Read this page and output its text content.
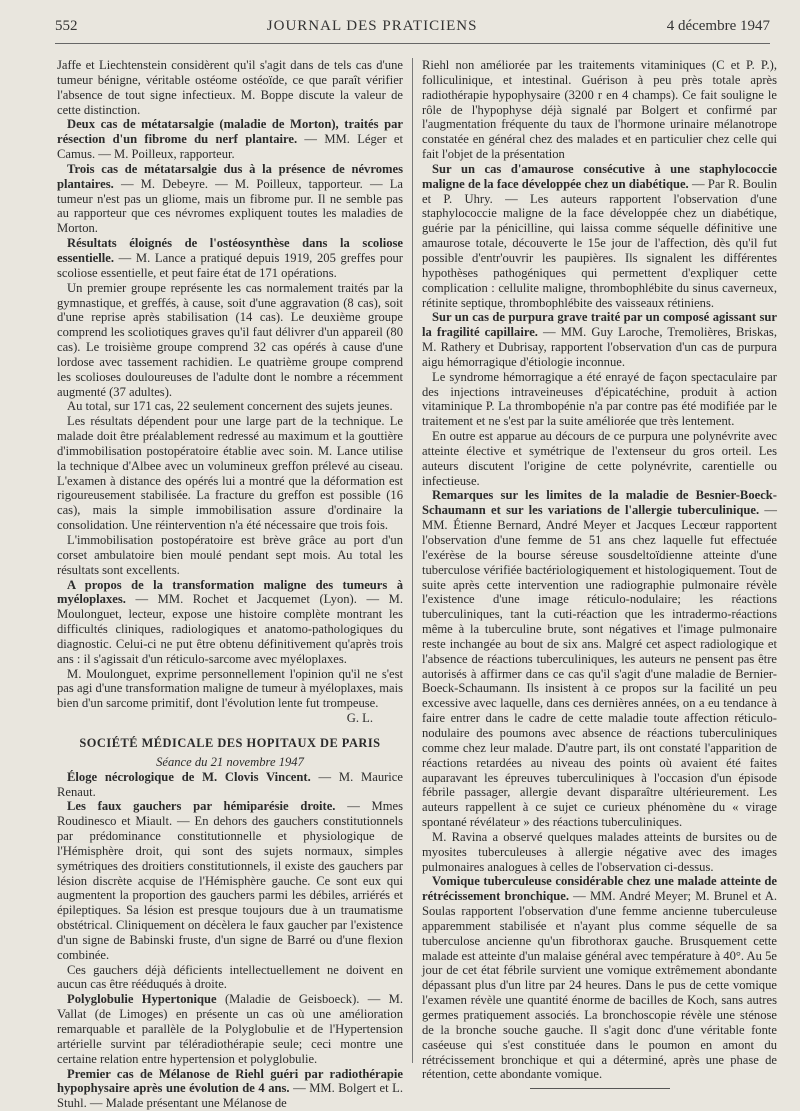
552	JOURNAL DES PRATICIENS	4 décembre 1947

Jaffe et Liechtenstein considèrent qu'il s'agit dans de tels cas d'une tumeur bénigne, véritable ostéome ostéoïde, ce que paraît vérifier l'absence de tout signe infectieux. M. Boppe discute la valeur de cette distinction.

Deux cas de métatarsalgie (maladie de Morton), traités par résection d'un fibrome du nerf plantaire. — MM. Léger et Camus. — M. Poilleux, rapporteur.

Trois cas de métatarsalgie dus à la présence de névromes plantaires. — M. Debeyre. — M. Poilleux, tapporteur. — La tumeur n'est pas un gliome, mais un fibrome pur. Il ne semble pas au rapporteur que ces névromes expliquent toutes les maladies de Morton.

Résultats éloignés de l'ostéosynthèse dans la scoliose essentielle. — M. Lance a pratiqué depuis 1919, 205 greffes pour scoliose essentielle, et peut faire état de 171 opérations.

Un premier groupe représente les cas normalement traités par la gymnastique, et greffés, à cause, soit d'une aggravation (8 cas), soit d'une reprise après stabilisation (14 cas). Le deuxième groupe comprend les scoliotiques graves qu'il faut délivrer d'un appareil (80 cas). Le troisième groupe comprend 32 cas opérés à cause d'une lordose avec tassement rachidien. Le quatrième groupe comprend les scolioses douloureuses de l'adulte dont le nombre a récemment augmenté (37 adultes).

Au total, sur 171 cas, 22 seulement concernent des sujets jeunes.

Les résultats dépendent pour une large part de la technique. Le malade doit être préalablement redressé au maximum et la gouttière d'immobilisation postopératoire établie avec soin. M. Lance utilise la technique d'Albee avec un volumineux greffon prélevé au ciseau. L'examen à distance des opérés lui a montré que la déformation est rigoureusement stabilisée. La fracture du greffon est possible (16 cas), mais la simple immobilisation assure d'ordinaire la consolidation. Une réintervention n'a été nécessaire que trois fois.

L'immobilisation postopératoire est brève grâce au port d'un corset ambulatoire bien moulé pendant sept mois. Au total les résultats sont excellents.

A propos de la transformation maligne des tumeurs à myéloplaxes. — MM. Rochet et Jacquemet (Lyon). — M. Moulonguet, lecteur, expose une histoire complète montrant les difficultés cliniques, radiologiques et anatomo-pathologiques du diagnostic. Celui-ci ne put être obtenu définitivement qu'après trois ans : il s'agissait d'un réticulo-sarcome avec myéloplaxes.

M. Moulonguet, exprime personnellement l'opinion qu'il ne s'est pas agi d'une transformation maligne de tumeur à myéloplaxes, mais bien d'un sarcome primitif, dont l'évolution lente fut trompeuse.

G. L.

SOCIÉTÉ MÉDICALE DES HOPITAUX DE PARIS

Séance du 21 novembre 1947

Éloge nécrologique de M. Clovis Vincent. — M. Maurice Renaut.

Les faux gauchers par hémiparésie droite. — Mmes Roudinesco et Miault. — En dehors des gauchers constitutionnels par prédominance constitutionnelle et physiologique de l'Hémisphère droit, qui sont des sujets normaux, simples symétriques des droitiers constitutionnels, il existe des gauchers par lésion discrète acquise de l'Hémisphère gauche. Ce sont eux qui augmentent la proportion des gauchers parmi les débiles, arriérés et épileptiques. Sa lésion est presque toujours due à un traumatisme obstétrical. Cliniquement on décèlera le faux gaucher par l'existence d'un signe de Babinski fruste, d'un signe de Barré ou d'une flexion combinée.

Ces gauchers déjà déficients intellectuellement ne doivent en aucun cas être rééduqués à droite.

Polyglobulie Hypertonique (Maladie de Geisboeck). — M. Vallat (de Limoges) en présente un cas où une amélioration remarquable et parallèle de la Polyglobulie et de l'Hypertension artérielle survint par téléradiothérapie seule; ceci montre une certaine relation entre hypertension et polyglobulie.

Premier cas de Mélanose de Riehl guéri par radiothérapie hypophysaire après une évolution de 4 ans. — MM. Bolgert et L. Stuhl. — Malade présentant une Mélanose de

Riehl non améliorée par les traitements vitaminiques (C et P. P.), folliculinique, et intestinal. Guérison à peu près totale après radiothérapie hypophysaire (3200 r en 4 champs). Ce fait souligne le rôle de l'hypophyse déjà signalé par Bolgert et confirmé par l'augmentation fréquente du taux de l'hormone urinaire mélanotrope constatée en général chez des malades et en particulier chez celle qui fait l'objet de la présentation

Sur un cas d'amaurose consécutive à une staphylococcie maligne de la face développée chez un diabétique. — Par R. Boulin et P. Uhry. — Les auteurs rapportent l'observation d'une staphylococcie maligne de la face développée chez un diabétique, guérie par la pénicilline, qui laissa comme séquelle définitive une amaurose totale, découverte le 15e jour de l'affection, dès qu'il fut possible d'entr'ouvrir les paupières. Ils signalent les différentes hypothèses pathogéniques qui permettent d'expliquer cette complication : cellulite maligne, thrombophlébite du sinus caverneux, rétinite septique, thrombophlébite des vaisseaux rétiniens.

Sur un cas de purpura grave traité par un composé agissant sur la fragilité capillaire. — MM. Guy Laroche, Tremolières, Briskas, M. Rathery et Dubrisay, rapportent l'observation d'un cas de purpura aigu hémorragique d'étiologie inconnue.

Le syndrome hémorragique a été enrayé de façon spectaculaire par des injections intraveineuses d'épicatéchine, produit à action vitaminique P. La thrombopénie n'a par contre pas été modifiée par le traitement et ne s'est par la suite améliorée que très lentement.

En outre est apparue au décours de ce purpura une polynévrite avec atteinte élective et symétrique de l'extenseur du gros orteil. Les auteurs discutent l'origine de cette polynévrite, carentielle ou infectieuse.

Remarques sur les limites de la maladie de Besnier-Boeck-Schaumann et sur les variations de l'allergie tuberculinique. — MM. Étienne Bernard, André Meyer et Jacques Lecœur rapportent l'observation d'une femme de 51 ans chez laquelle fut effectuée l'exérèse de la bourse séreuse sousdeltoïdienne atteinte d'une tuberculose vérifiée bactériologiquement et histologiquement. Tout de suite après cette intervention une radiographie pulmonaire révèle l'existence d'une image réticulo-nodulaire; les réactions tuberculiniques, tant la cuti-réaction que les intradermo-réactions même à la tuberculine brute, sont négatives et l'image pulmonaire reste inchangée au bout de six ans. Malgré cet aspect radiologique et l'absence de réactions tuberculiniques, les auteurs ne pensent pas être autorisés à affirmer dans ce cas qu'il s'agit d'une maladie de Bernier-Boeck-Schaumann. Ils insistent à ce propos sur la facilité un peu excessive avec laquelle, dans ces dernières années, on a eu tendance à faire entrer dans le cadre de cette maladie toute affection réticulo-nodulaire des poumons avec absence de réactions tuberculiniques comme chez leur malade. D'autre part, ils ont constaté l'apparition de réactions retardées au niveau des points où avaient été faites auparavant les épreuves tuberculiniques à l'occasion d'un épisode fébrile passager, allergie devant disparaître ultérieurement. Les auteurs rappellent à ce sujet ce curieux phénomène du « virage spontané révélateur » des réactions tuberculiniques.

M. Ravina a observé quelques malades atteints de bursites ou de myosites tuberculeuses à allergie négative avec des images pulmonaires analogues à celles de l'observation ci-dessus.

Vomique tuberculeuse considérable chez une malade atteinte de rétrécissement bronchique. — MM. André Meyer; M. Brunel et A. Soulas rapportent l'observation d'une femme ancienne tuberculeuse apparemment stabilisée et n'ayant plus comme séquelle de sa tuberculose ancienne qu'un fibrothorax gauche. Brusquement cette malade est atteinte d'un malaise général avec température à 40°. Au 5e jour de cet état fébrile survient une vomique extrêmement abondante dépassant plus d'un litre par 24 heures. Dans le pus de cette vomique l'examen révèle une quantité énorme de bacilles de Koch, sans autres germes pratiquement associés. La bronchoscopie révèle une sténose de la bronche souche gauche. Il s'agit donc d'une véritable fonte caséeuse qui s'est constituée dans le poumon en amont du rétrécissement bronchique et qui a déterminé, après une phase de rétention, cette abondante vomique.
